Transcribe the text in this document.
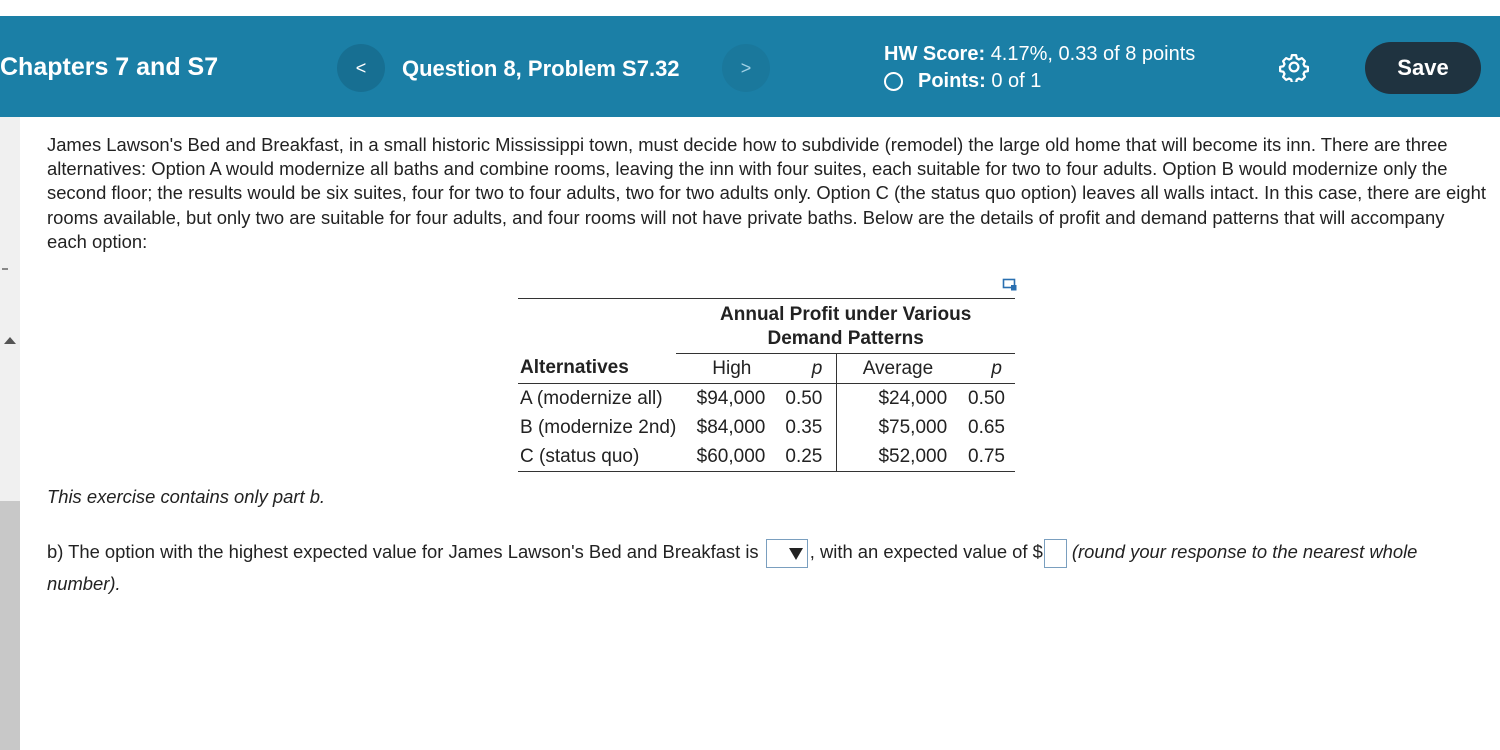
Chapters 7 and S7	<	Question 8, Problem S7.32	>
HW Score: 4.17%, 0.33 of 8 points
Points:
0 of 1
Save
James Lawson's Bed and Breakfast, in a small historic Mississippi town, must decide how to subdivide (remodel) the large old home that will become its inn. There are three alternatives: Option A would modernize all baths and combine rooms, leaving the inn with four suites, each suitable for two to four adults. Option B would modernize only the second floor; the results would be six suites, four for two to four adults, two for two adults only. Option C (the status quo option) leaves all walls intact. In this case, there are eight rooms available, but only two are suitable for four adults, and four rooms will not have private baths. Below are the details of profit and demand patterns that will accompany each option:
	Annual Profit under Various Demand Patterns			
Alternatives	High	p	Average	p
A (modernize all)	$94,000	0.50	$24,000	0.50
B (modernize 2nd)	$84,000	0.35	$75,000	0.65
C (status quo)	$60,000	0.25	$52,000	0.75
This exercise contains only part b.
b) The option with the highest expected value for James Lawson's Bed and Breakfast is	, with an expected value of $ (round your response to the nearest whole number).
